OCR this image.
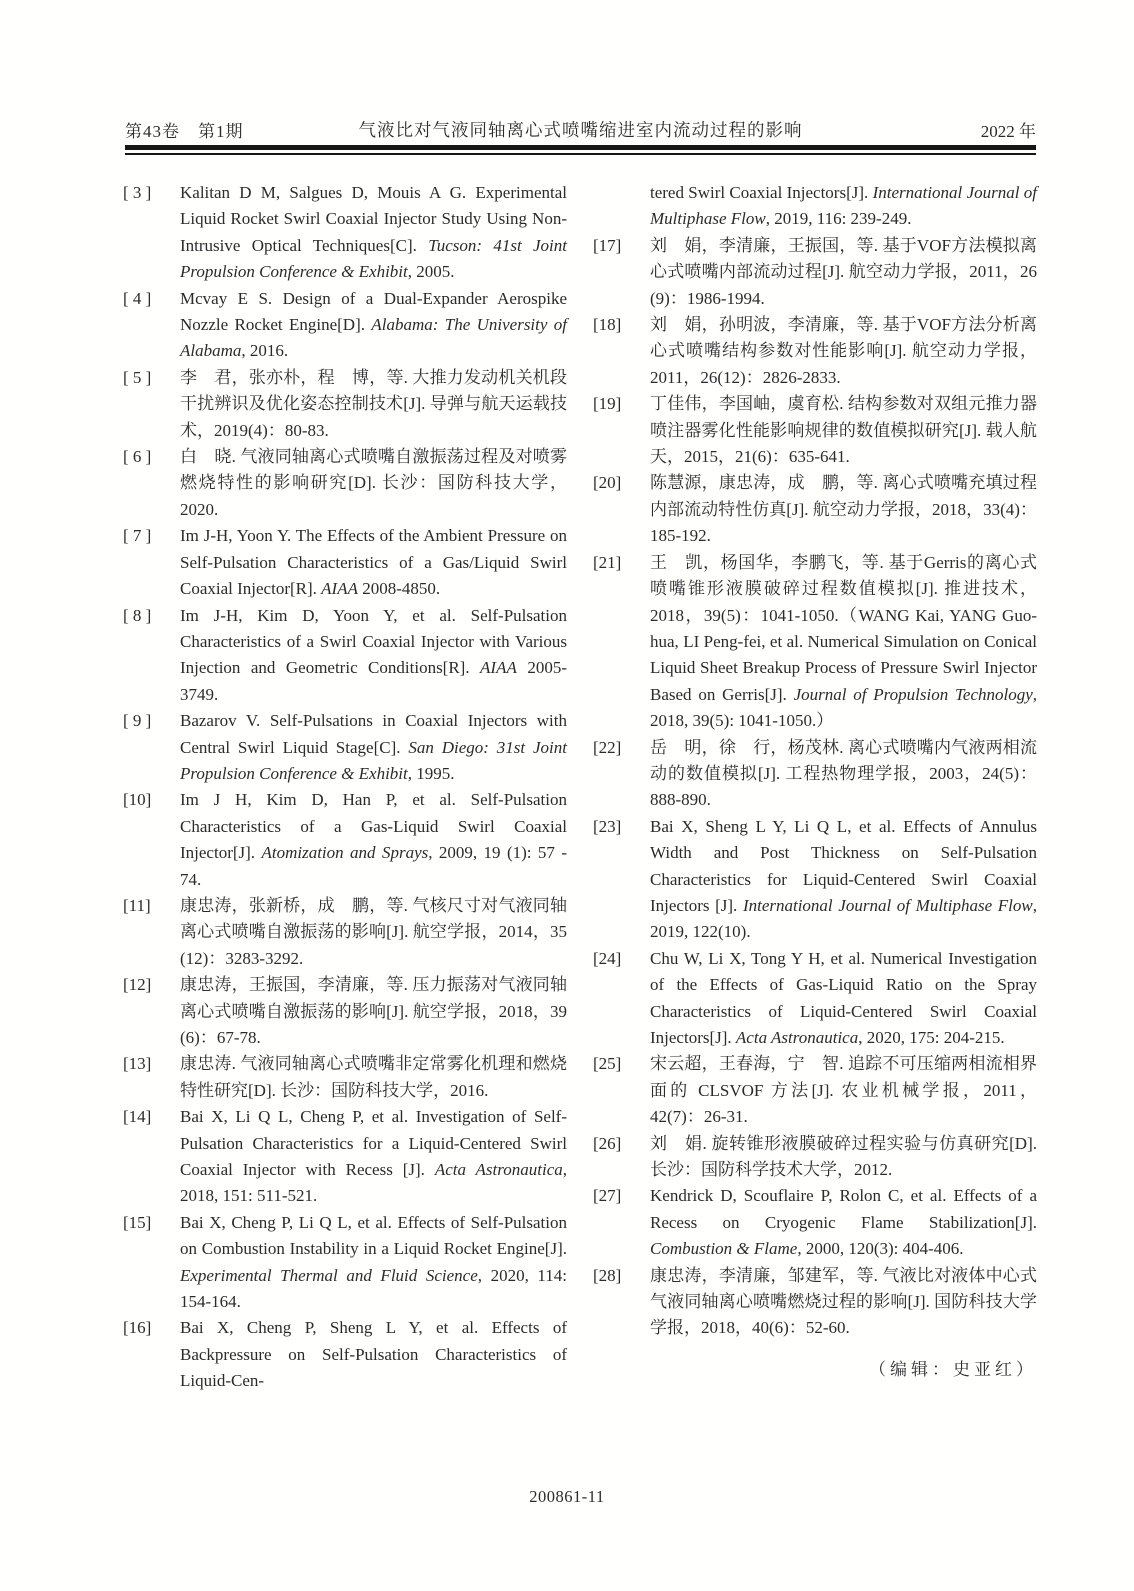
第43卷　第1期	气液比对气液同轴离心式喷嘴缩进室内流动过程的影响	2022 年
[ 3 ] Kalitan D M, Salgues D, Mouis A G. Experimental Liquid Rocket Swirl Coaxial Injector Study Using Non-Intrusive Optical Techniques[C]. Tucson: 41st Joint Propulsion Conference & Exhibit, 2005.
[ 4 ] Mcvay E S. Design of a Dual-Expander Aerospike Nozzle Rocket Engine[D]. Alabama: The University of Alabama, 2016.
[ 5 ] 李　君，张亦朴，程　博，等. 大推力发动机关机段干扰辨识及优化姿态控制技术[J]. 导弹与航天运载技术，2019(4)：80-83.
[ 6 ] 白　晓. 气液同轴离心式喷嘴自激振荡过程及对喷雾燃烧特性的影响研究[D]. 长沙：国防科技大学，2020.
[ 7 ] Im J-H, Yoon Y. The Effects of the Ambient Pressure on Self-Pulsation Characteristics of a Gas/Liquid Swirl Coaxial Injector[R]. AIAA 2008-4850.
[ 8 ] Im J-H, Kim D, Yoon Y, et al. Self-Pulsation Characteristics of a Swirl Coaxial Injector with Various Injection and Geometric Conditions[R]. AIAA 2005-3749.
[ 9 ] Bazarov V. Self-Pulsations in Coaxial Injectors with Central Swirl Liquid Stage[C]. San Diego: 31st Joint Propulsion Conference & Exhibit, 1995.
[10] Im J H, Kim D, Han P, et al. Self-Pulsation Characteristics of a Gas-Liquid Swirl Coaxial Injector[J]. Atomization and Sprays, 2009, 19 (1): 57 - 74.
[11] 康忠涛，张新桥，成　鹏，等. 气核尺寸对气液同轴离心式喷嘴自激振荡的影响[J]. 航空学报，2014，35 (12)：3283-3292.
[12] 康忠涛，王振国，李清廉，等. 压力振荡对气液同轴离心式喷嘴自激振荡的影响[J]. 航空学报，2018，39 (6)：67-78.
[13] 康忠涛. 气液同轴离心式喷嘴非定常雾化机理和燃烧特性研究[D]. 长沙：国防科技大学，2016.
[14] Bai X, Li Q L, Cheng P, et al. Investigation of Self-Pulsation Characteristics for a Liquid-Centered Swirl Coaxial Injector with Recess [J]. Acta Astronautica, 2018, 151: 511-521.
[15] Bai X, Cheng P, Li Q L, et al. Effects of Self-Pulsation on Combustion Instability in a Liquid Rocket Engine[J]. Experimental Thermal and Fluid Science, 2020, 114: 154-164.
[16] Bai X, Cheng P, Sheng L Y, et al. Effects of Backpressure on Self-Pulsation Characteristics of Liquid-Cen-
tered Swirl Coaxial Injectors[J]. International Journal of Multiphase Flow, 2019, 116: 239-249.
[17] 刘　娟，李清廉，王振国，等. 基于VOF方法模拟离心式喷嘴内部流动过程[J]. 航空动力学报，2011，26 (9)：1986-1994.
[18] 刘　娟，孙明波，李清廉，等. 基于VOF方法分析离心式喷嘴结构参数对性能影响[J]. 航空动力学报，2011，26(12)：2826-2833.
[19] 丁佳伟，李国岫，虞育松. 结构参数对双组元推力器喷注器雾化性能影响规律的数值模拟研究[J]. 载人航天，2015，21(6)：635-641.
[20] 陈慧源，康忠涛，成　鹏，等. 离心式喷嘴充填过程内部流动特性仿真[J]. 航空动力学报，2018，33(4)：185-192.
[21] 王　凯，杨国华，李鹏飞，等. 基于Gerris的离心式喷嘴锥形液膜破碎过程数值模拟[J]. 推进技术，2018，39(5)：1041-1050.（WANG Kai, YANG Guo-hua, LI Peng-fei, et al. Numerical Simulation on Conical Liquid Sheet Breakup Process of Pressure Swirl Injector Based on Gerris[J]. Journal of Propulsion Technology, 2018, 39(5): 1041-1050.）
[22] 岳　明，徐　行，杨茂林. 离心式喷嘴内气液两相流动的数值模拟[J]. 工程热物理学报，2003，24(5)：888-890.
[23] Bai X, Sheng L Y, Li Q L, et al. Effects of Annulus Width and Post Thickness on Self-Pulsation Characteristics for Liquid-Centered Swirl Coaxial Injectors [J]. International Journal of Multiphase Flow, 2019, 122(10).
[24] Chu W, Li X, Tong Y H, et al. Numerical Investigation of the Effects of Gas-Liquid Ratio on the Spray Characteristics of Liquid-Centered Swirl Coaxial Injectors[J]. Acta Astronautica, 2020, 175: 204-215.
[25] 宋云超，王春海，宁　智. 追踪不可压缩两相流相界面的 CLSVOF 方法[J]. 农业机械学报，2011，42(7)：26-31.
[26] 刘　娟. 旋转锥形液膜破碎过程实验与仿真研究[D]. 长沙：国防科学技术大学，2012.
[27] Kendrick D, Scouflaire P, Rolon C, et al. Effects of a Recess on Cryogenic Flame Stabilization[J]. Combustion & Flame, 2000, 120(3): 404-406.
[28] 康忠涛，李清廉，邹建军，等. 气液比对液体中心式气液同轴离心喷嘴燃烧过程的影响[J]. 国防科技大学学报，2018，40(6)：52-60.
（编辑：史亚红）
200861-11
